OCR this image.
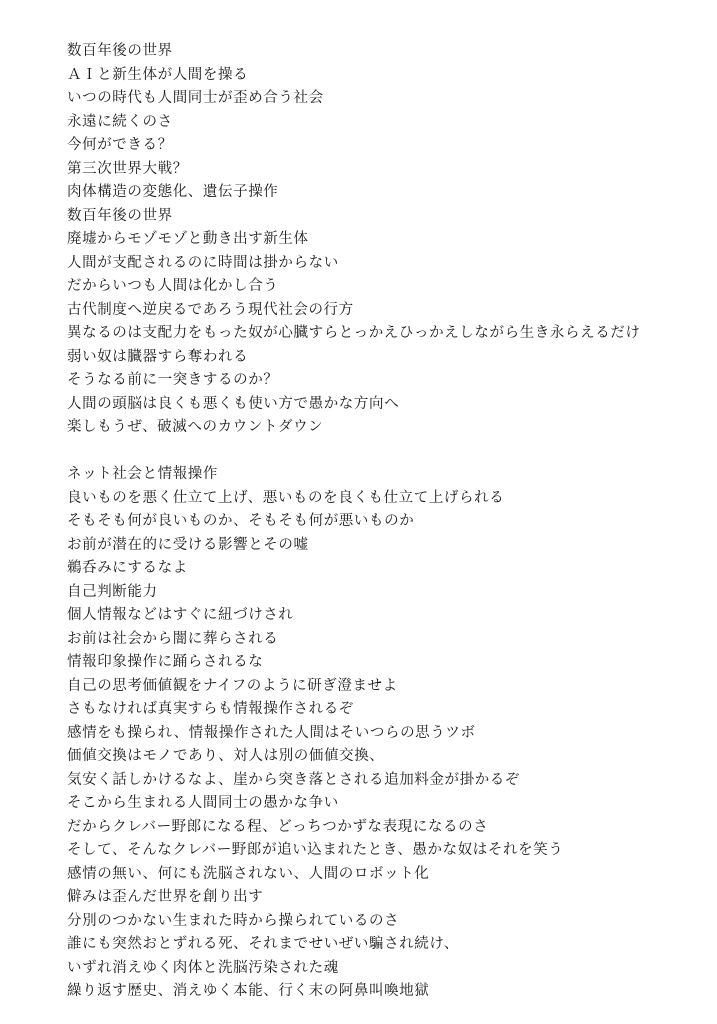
数百年後の世界
ＡＩと新生体が人間を操る
いつの時代も人間同士が歪め合う社会
永遠に続くのさ
今何ができる？
第三次世界大戦？
肉体構造の変態化、遺伝子操作
数百年後の世界
廃墟からモゾモゾと動き出す新生体
人間が支配されるのに時間は掛からない
だからいつも人間は化かし合う
古代制度へ逆戻るであろう現代社会の行方
異なるのは支配力をもった奴が心臓すらとっかえひっかえしながら生き永らえるだけ
弱い奴は臓器すら奪われる
そうなる前に一突きするのか？
人間の頭脳は良くも悪くも使い方で愚かな方向へ
楽しもうぜ、破滅へのカウントダウン
ネット社会と情報操作
良いものを悪く仕立て上げ、悪いものを良くも仕立て上げられる
そもそも何が良いものか、そもそも何が悪いものか
お前が潜在的に受ける影響とその嘘
鵜呑みにするなよ
自己判断能力
個人情報などはすぐに紐づけされ
お前は社会から闇に葬らされる
情報印象操作に踊らされるな
自己の思考価値観をナイフのように研ぎ澄ませよ
さもなければ真実すらも情報操作されるぞ
感情をも操られ、情報操作された人間はそいつらの思うツボ
価値交換はモノであり、対人は別の価値交換、
気安く話しかけるなよ、崖から突き落とされる追加料金が掛かるぞ
そこから生まれる人間同士の愚かな争い
だからクレバー野郎になる程、どっちつかずな表現になるのさ
そして、そんなクレバー野郎が追い込まれたとき、愚かな奴はそれを笑う
感情の無い、何にも洗脳されない、人間のロボット化
僻みは歪んだ世界を創り出す
分別のつかない生まれた時から操られているのさ
誰にも突然おとずれる死、それまでせいぜい騙され続け、
いずれ消えゆく肉体と洗脳汚染された魂
繰り返す歴史、消えゆく本能、行く末の阿鼻叫喚地獄
